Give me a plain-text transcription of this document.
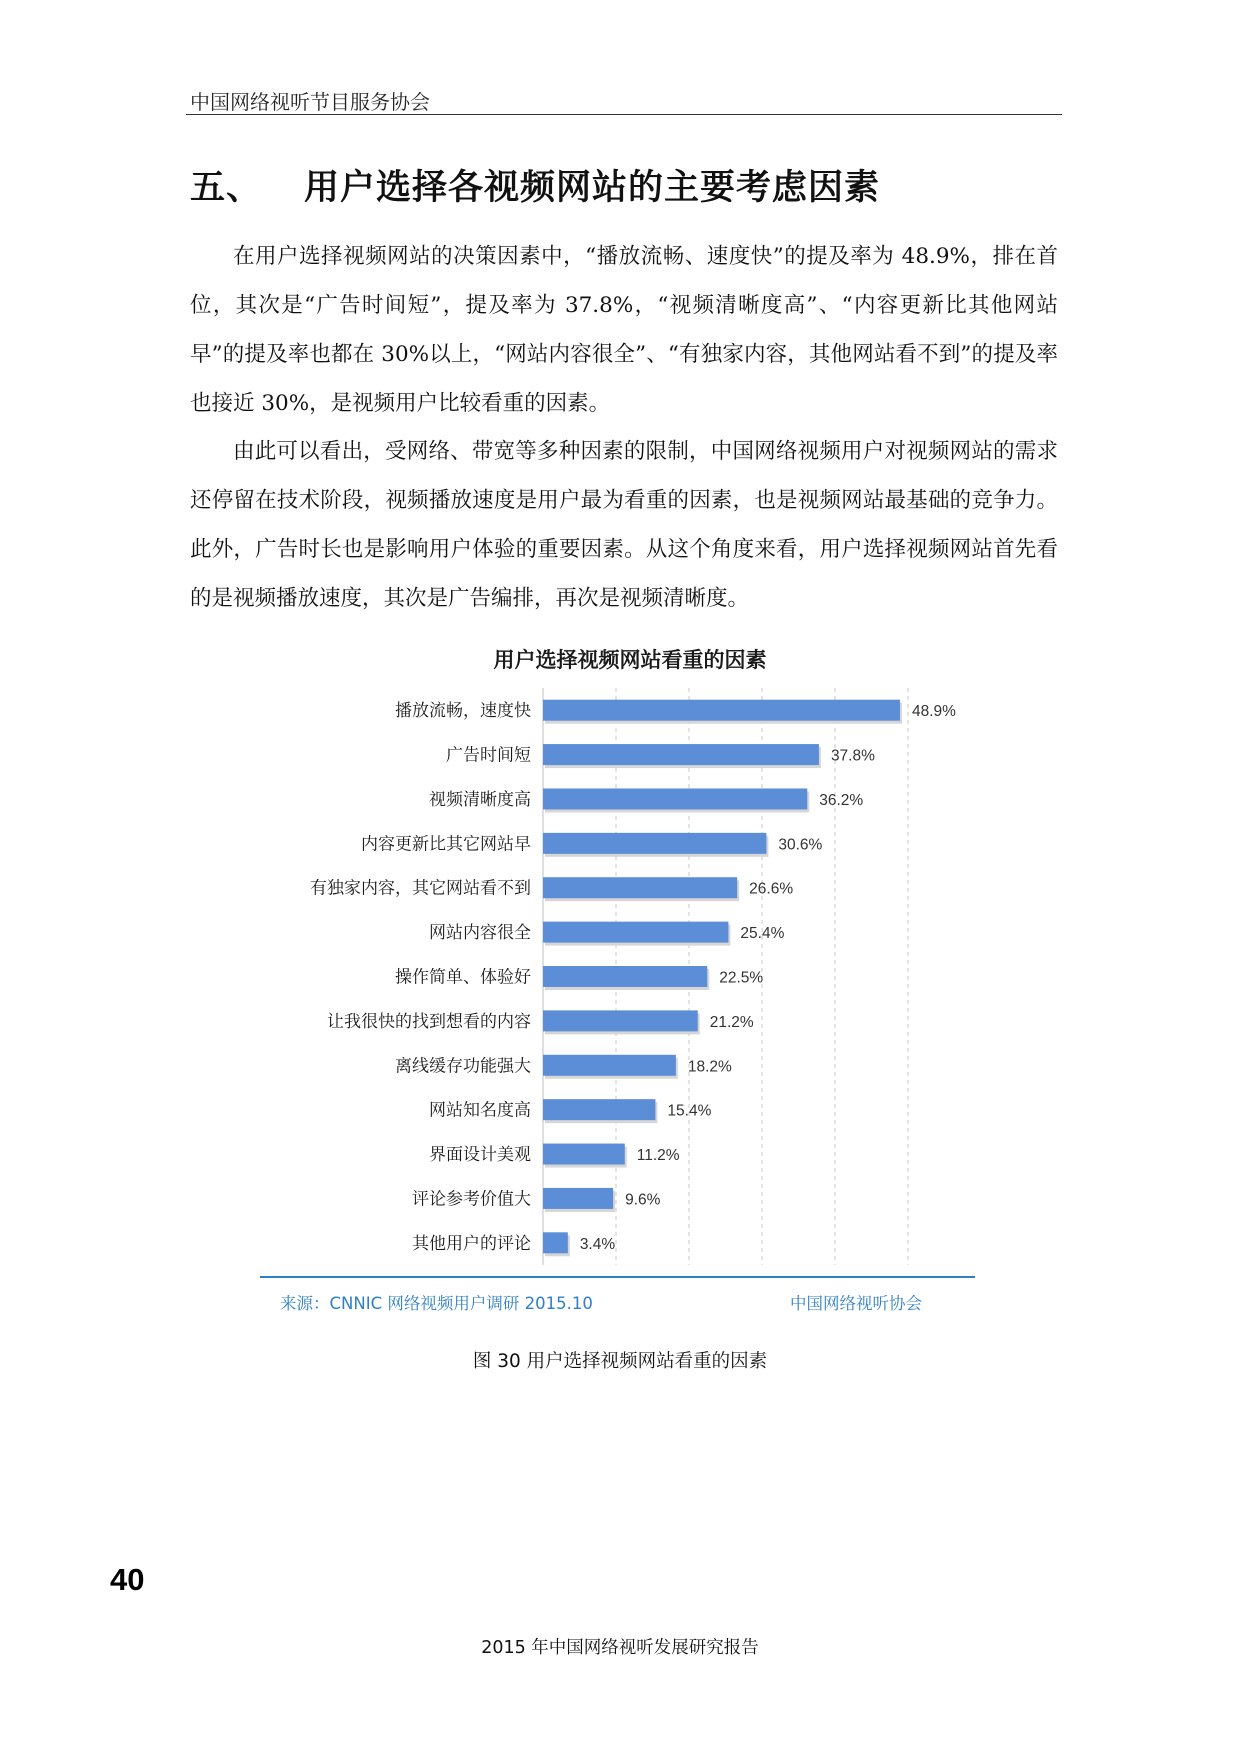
中国网络视听节目服务协会
五、 用户选择各视频网站的主要考虑因素

在用户选择视频网站的决策因素中，“播放流畅、速度快”的提及率为 48.9%，排在首位，其次是“广告时间短”，提及率为 37.8%，“视频清晰度高”、“内容更新比其他网站早”的提及率也都在 30%以上，“网站内容很全”、“有独家内容，其他网站看不到”的提及率也接近 30%，是视频用户比较看重的因素。

由此可以看出，受网络、带宽等多种因素的限制，中国网络视频用户对视频网站的需求还停留在技术阶段，视频播放速度是用户最为看重的因素，也是视频网站最基础的竞争力。此外，广告时长也是影响用户体验的重要因素。从这个角度来看，用户选择视频网站首先看的是视频播放速度，其次是广告编排，再次是视频清晰度。

播放流畅，速度快	48.9%
广告时间短	37.8%
视频清晰度高	36.2%
内容更新比其它网站早	30.6%
有独家内容，其它网站看不到	26.6%
网站内容很全	25.4%
操作简单、体验好	22.5%
让我很快的找到想看的内容	21.2%
离线缓存功能强大	18.2%
网站知名度高	15.4%
界面设计美观	11.2%
评论参考价值大	9.6%
其他用户的评论	3.4%
用户选择视频网站看重的因素
来源：CNNIC 网络视频用户调研 2015.10	中国网络视听协会
图 30 用户选择视频网站看重的因素
40
2015 年中国网络视听发展研究报告
